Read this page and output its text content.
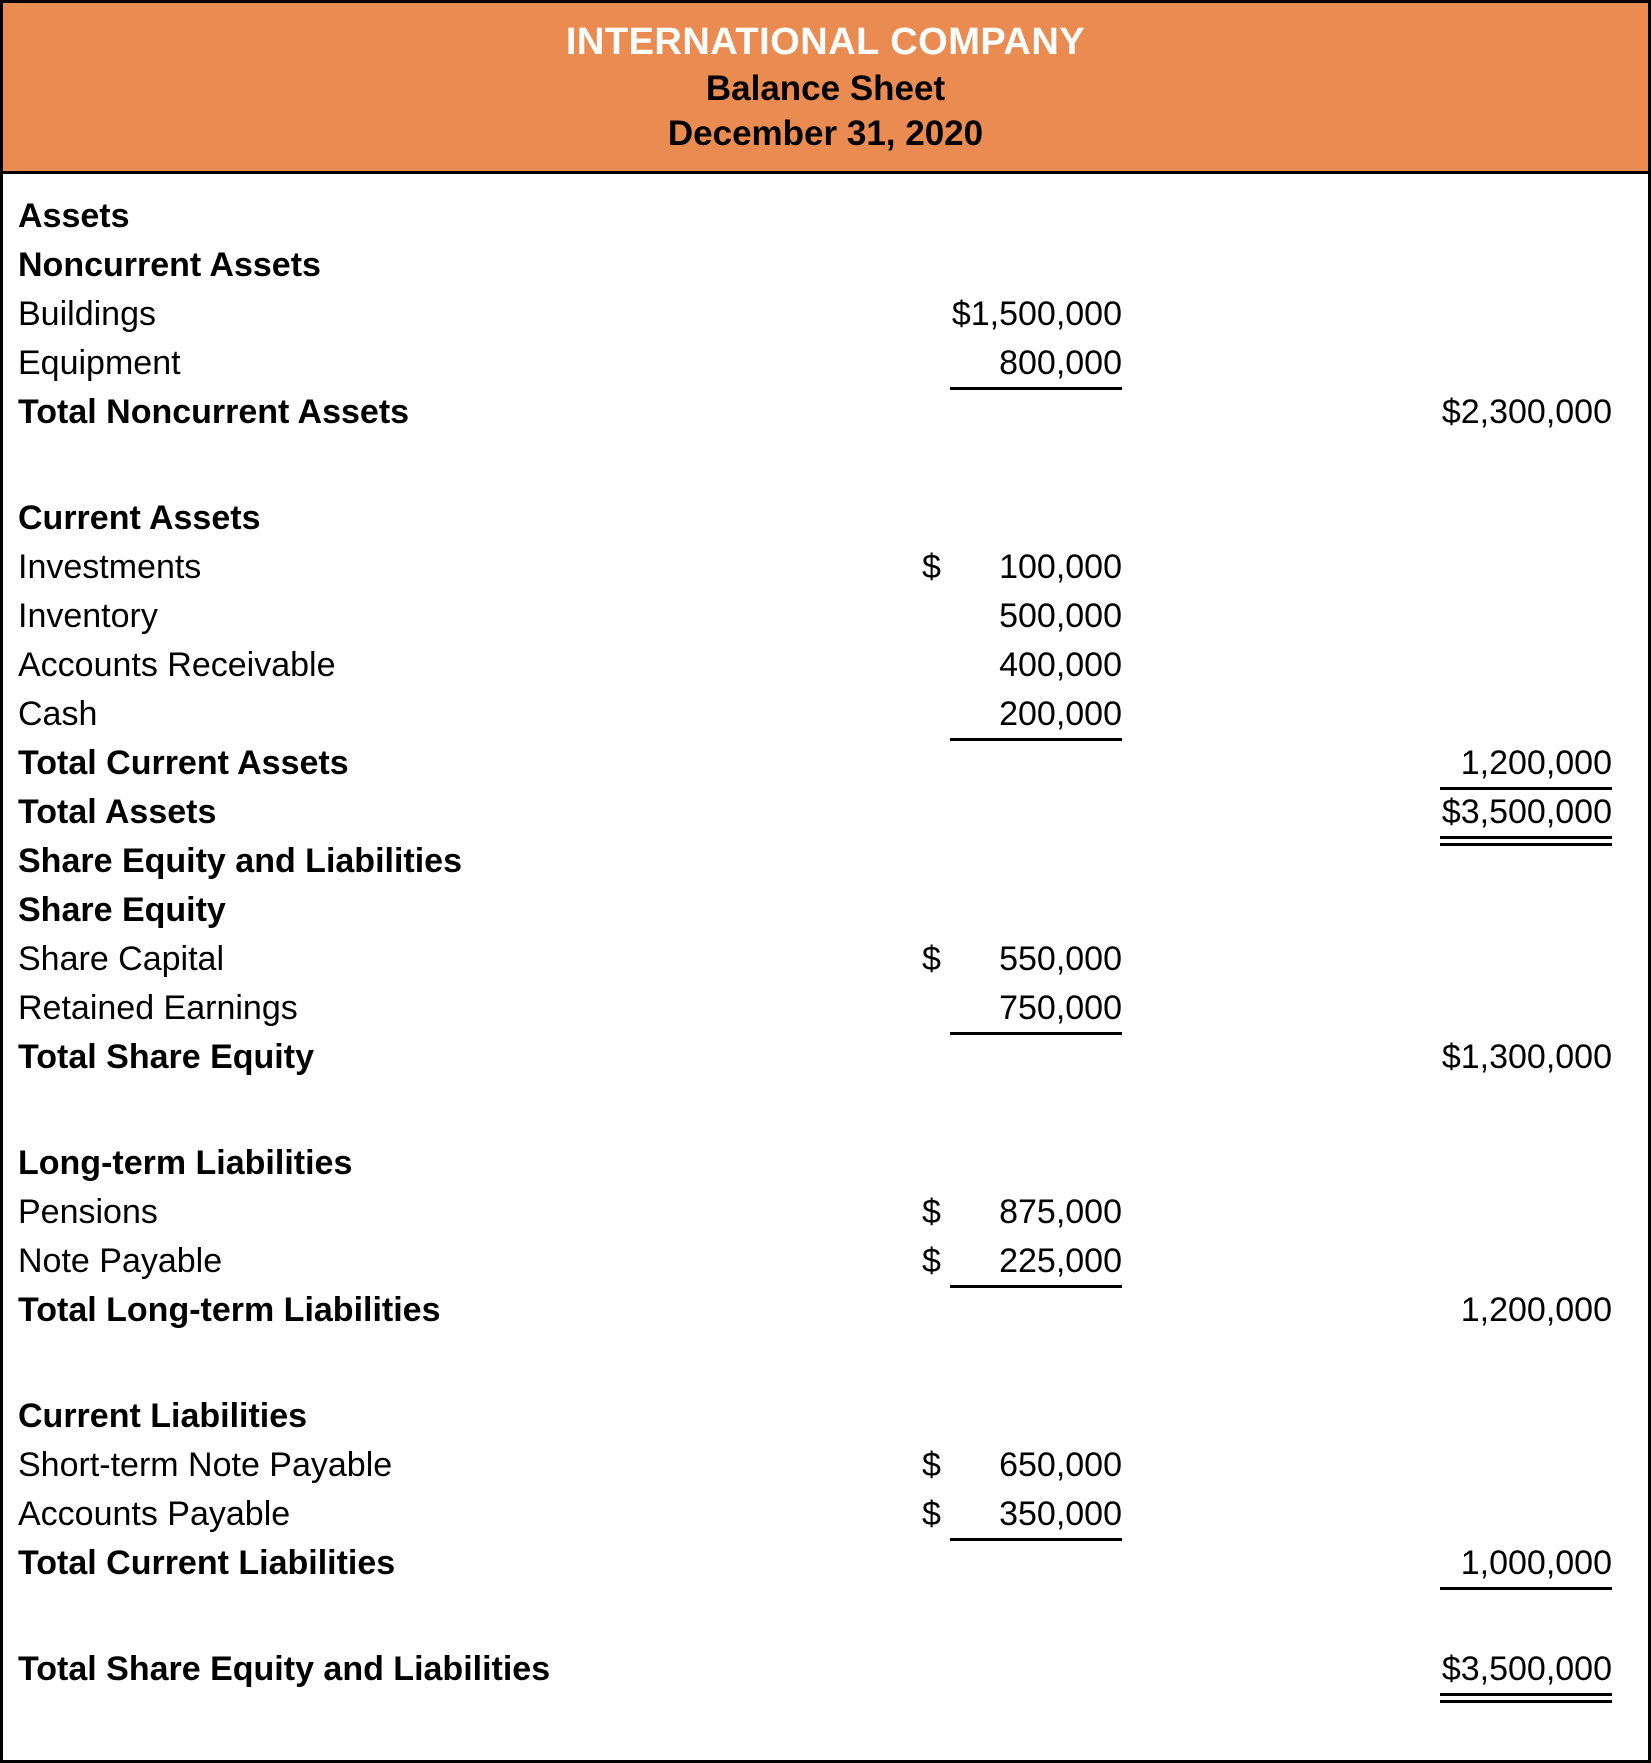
INTERNATIONAL COMPANY
Balance Sheet
December 31, 2020
Assets
Noncurrent Assets
Buildings	$1,500,000
Equipment	800,000
Total Noncurrent Assets	$2,300,000
Current Assets
Investments	$ 100,000
Inventory	500,000
Accounts Receivable	400,000
Cash	200,000
Total Current Assets	1,200,000
Total Assets	$3,500,000
Share Equity and Liabilities
Share Equity
Share Capital	$ 550,000
Retained Earnings	750,000
Total Share Equity	$1,300,000
Long-term Liabilities
Pensions	$ 875,000
Note Payable	$	225,000
Total Long-term Liabilities	1,200,000
Current Liabilities
Short-term Note Payable	$ 650,000
Accounts Payable	$	350,000
Total Current Liabilities	1,000,000
Total Share Equity and Liabilities	$3,500,000
